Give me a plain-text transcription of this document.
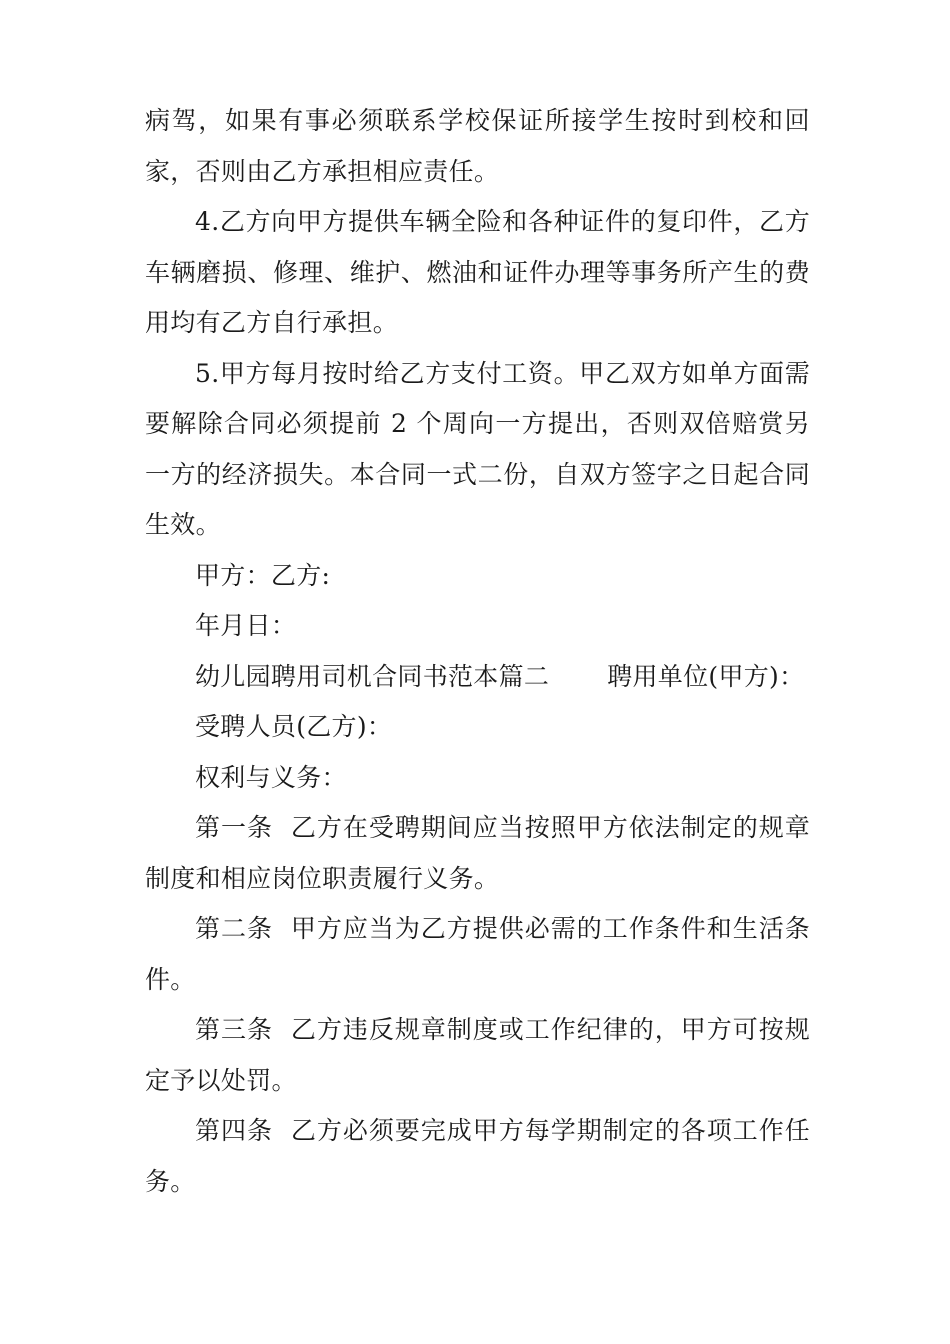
病驾，如果有事必须联系学校保证所接学生按时到校和回家，否则由乙方承担相应责任。

4.乙方向甲方提供车辆全险和各种证件的复印件，乙方车辆磨损、修理、维护、燃油和证件办理等事务所产生的费用均有乙方自行承担。

5.甲方每月按时给乙方支付工资。甲乙双方如单方面需要解除合同必须提前 2 个周向一方提出，否则双倍赔赏另一方的经济损失。本合同一式二份，自双方签字之日起合同生效。

甲方：乙方:

年月日：

幼儿园聘用司机合同书范本篇二 聘用单位(甲方)：

受聘人员(乙方)：

权利与义务：

第一条  乙方在受聘期间应当按照甲方依法制定的规章制度和相应岗位职责履行义务。

第二条  甲方应当为乙方提供必需的工作条件和生活条件。

第三条  乙方违反规章制度或工作纪律的，甲方可按规定予以处罚。

第四条  乙方必须要完成甲方每学期制定的各项工作任务。
